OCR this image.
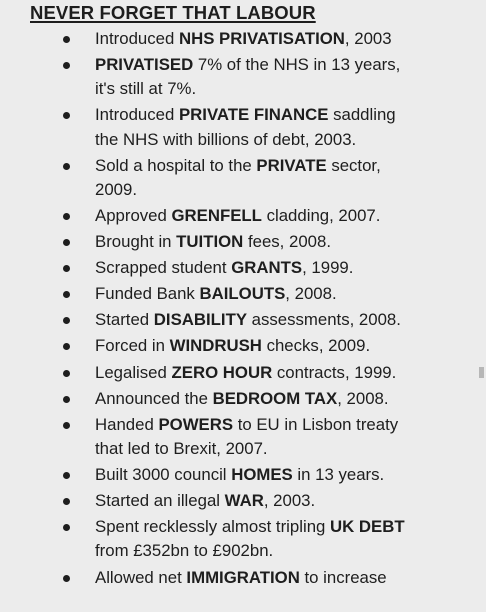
NEVER FORGET THAT LABOUR
Introduced NHS PRIVATISATION, 2003
PRIVATISED 7% of the NHS in 13 years,
it's still at 7%.
Introduced PRIVATE FINANCE saddling
the NHS with billions of debt, 2003.
Sold a hospital to the PRIVATE sector,
2009.
Approved GRENFELL cladding, 2007.
Brought in TUITION fees, 2008.
Scrapped student GRANTS, 1999.
Funded Bank BAILOUTS, 2008.
Started DISABILITY assessments, 2008.
Forced in WINDRUSH checks, 2009.
Legalised ZERO HOUR contracts, 1999.
Announced the BEDROOM TAX, 2008.
Handed POWERS to EU in Lisbon treaty
that led to Brexit, 2007.
Built 3000 council HOMES in 13 years.
Started an illegal WAR, 2003.
Spent recklessly almost tripling UK DEBT
from £352bn to £902bn.
Allowed net IMMIGRATION to increase
